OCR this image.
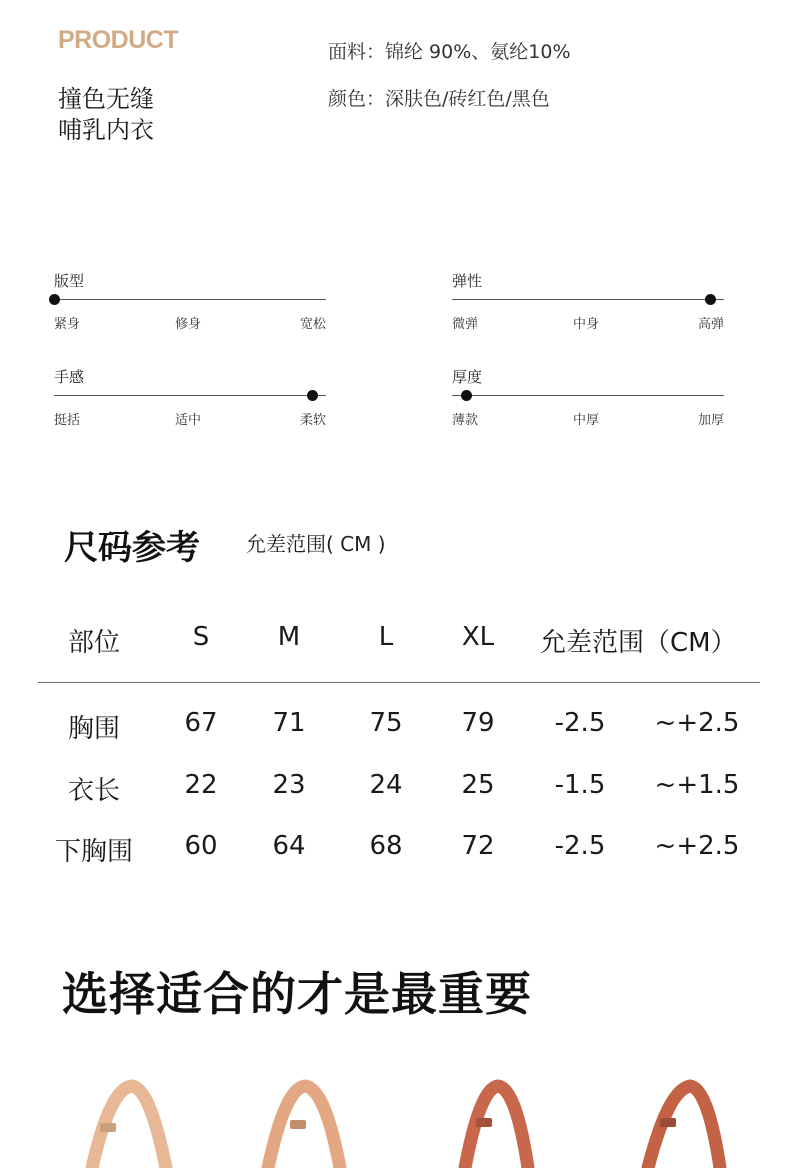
PRODUCT
撞色无缝
哺乳内衣
面料：锦纶 90%、氨纶10%
颜色：深肤色/砖红色/黑色
版型
紧身	修身	宽松
弹性
微弹	中身	高弹
手感
挺括	适中	柔软
厚度
薄款	中厚	加厚
尺码参考 允差范围( CM )
部位	S	M	L	XL	允差范围（CM）
胸围	67	71	75	79	-2.5	~+2.5
衣长	22	23	24	25	-1.5	~+1.5
下胸围	60	64	68	72	-2.5	~+2.5
选择适合的才是最重要
